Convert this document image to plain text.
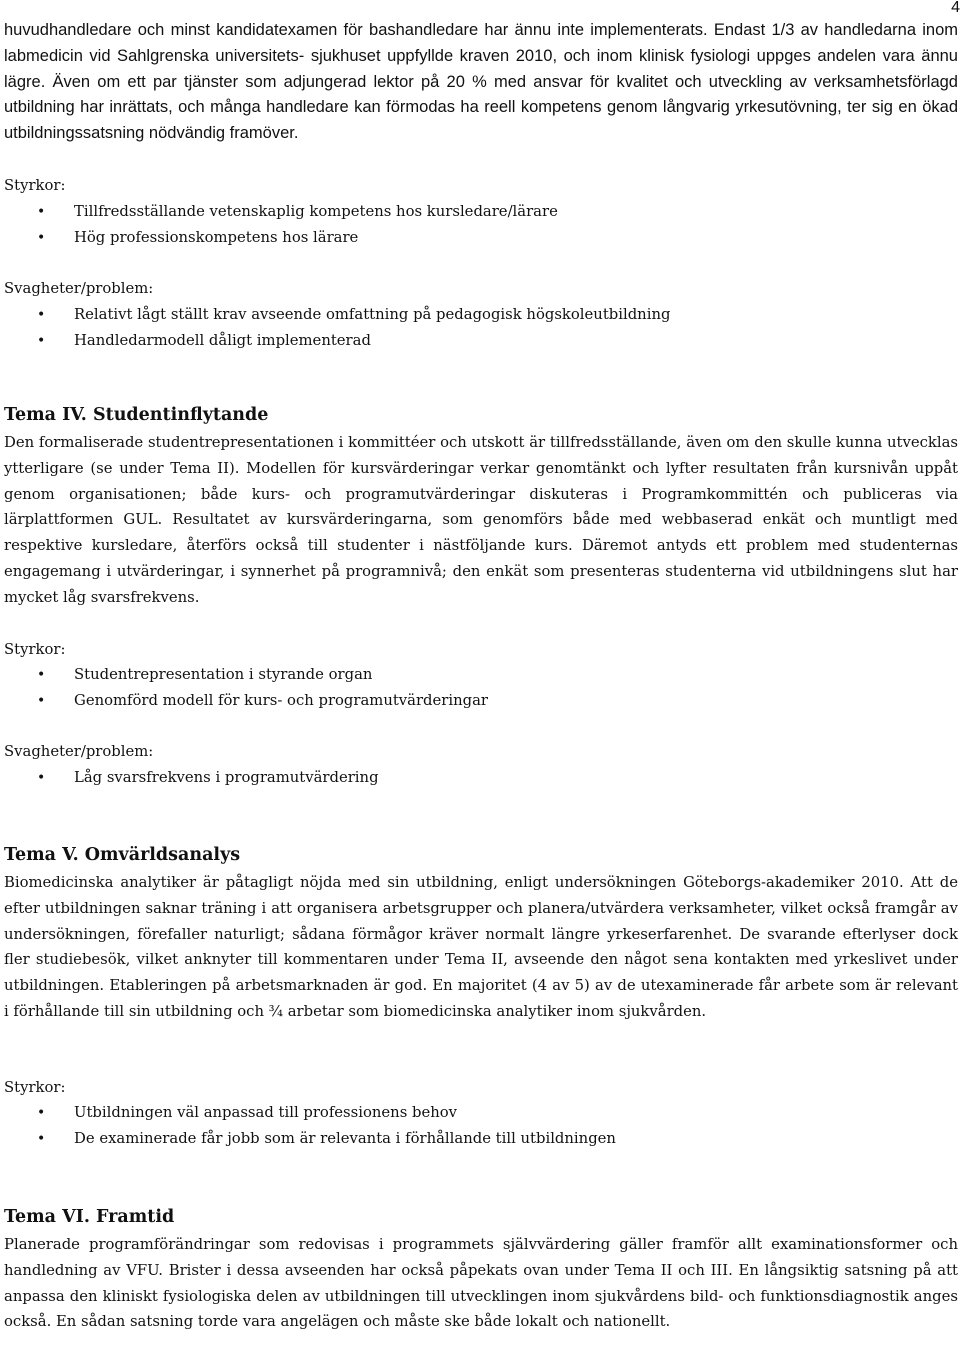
4

huvudhandledare och minst kandidatexamen för bashandledare har ännu inte implementerats. Endast 1/3 av handledarna inom labmedicin vid Sahlgrenska universitets- sjukhuset uppfyllde kraven 2010, och inom klinisk fysiologi uppges andelen vara ännu lägre. Även om ett par tjänster som adjungerad lektor på 20 % med ansvar för kvalitet och utveckling av verksamhetsförlagd utbildning har inrättats, och många handledare kan förmodas ha reell kompetens genom långvarig yrkesutövning, ter sig en ökad utbildningssatsning nödvändig framöver.

Styrkor:
• Tillfredsställande vetenskaplig kompetens hos kursledare/lärare
• Hög professionskompetens hos lärare
Svagheter/problem:
• Relativt lågt ställt krav avseende omfattning på pedagogisk högskoleutbildning
• Handledarmodell dåligt implementerad
Tema IV. Studentinflytande

Den formaliserade studentrepresentationen i kommittéer och utskott är tillfredsställande, även om den skulle kunna utvecklas ytterligare (se under Tema II). Modellen för kursvärderingar verkar genomtänkt och lyfter resultaten från kursnivån uppåt genom organisationen; både kurs- och programutvärderingar diskuteras i Programkommittén och publiceras via lärplattformen GUL. Resultatet av kursvärderingarna, som genomförs både med webbaserad enkät och muntligt med respektive kursledare, återförs också till studenter i nästföljande kurs. Däremot antyds ett problem med studenternas engagemang i utvärderingar, i synnerhet på programnivå; den enkät som presenteras studenterna vid utbildningens slut har mycket låg svarsfrekvens.

Styrkor:
• Studentrepresentation i styrande organ
• Genomförd modell för kurs- och programutvärderingar
Svagheter/problem:
• Låg svarsfrekvens i programutvärdering
Tema V. Omvärldsanalys

Biomedicinska analytiker är påtagligt nöjda med sin utbildning, enligt undersökningen Göteborgs-akademiker 2010. Att de efter utbildningen saknar träning i att organisera arbetsgrupper och planera/utvärdera verksamheter, vilket också framgår av undersökningen, förefaller naturligt; sådana förmågor kräver normalt längre yrkeserfarenhet. De svarande efterlyser dock fler studiebesök, vilket anknyter till kommentaren under Tema II, avseende den något sena kontakten med yrkeslivet under utbildningen. Etableringen på arbetsmarknaden är god. En majoritet (4 av 5) av de utexaminerade får arbete som är relevant i förhållande till sin utbildning och ¾ arbetar som biomedicinska analytiker inom sjukvården.

Styrkor:
• Utbildningen väl anpassad till professionens behov
• De examinerade får jobb som är relevanta i förhållande till utbildningen
Tema VI. Framtid

Planerade programförändringar som redovisas i programmets självvärdering gäller framför allt examinationsformer och handledning av VFU. Brister i dessa avseenden har också påpekats ovan under Tema II och III. En långsiktig satsning på att anpassa den kliniskt fysiologiska delen av utbildningen till utvecklingen inom sjukvårdens bild- och funktionsdiagnostik anges också. En sådan satsning torde vara angelägen och måste ske både lokalt och nationellt.
